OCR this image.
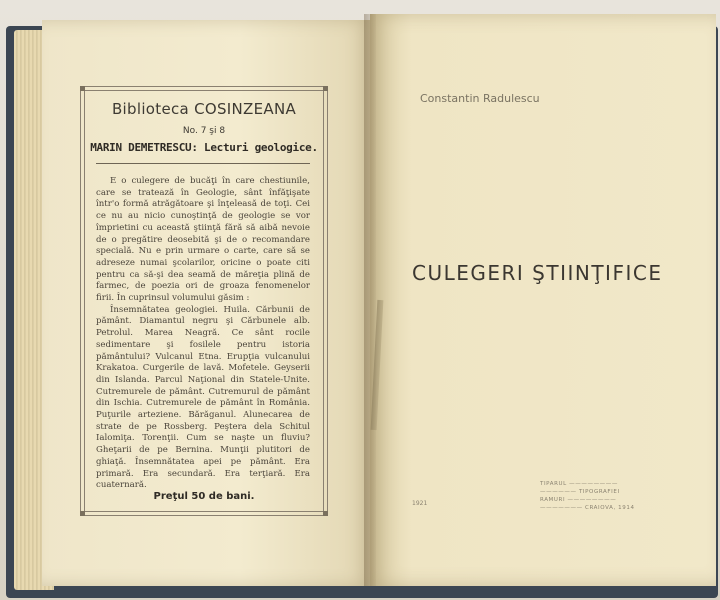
Biblioteca COSINZEANA
No. 7 şi 8
MARIN DEMETRESCU: Lecturi geologice.

E o culegere de bucăţi în care chestiunile, care se tratează în Geologie, sânt înfăţişate într'o formă atrăgătoare şi înţeleasă de toţi. Cei ce nu au nicio cunoştinţă de geologie se vor împrietini cu această ştiinţă fără să aibă nevoie de o pregătire deosebită şi de o recomandare specială. Nu e prin urmare o carte, care să se adreseze numai şcolarilor, oricine o poate citi pentru ca să-şi dea seamă de măreţia plină de farmec, de poezia ori de groaza fenomenelor firii. În cuprinsul volumului găsim :

Însemnătatea geologiei. Huila. Cărbunii de pământ. Diamantul negru şi Cărbunele alb. Petrolul. Marea Neagră. Ce sânt rocile sedimentare şi fosilele pentru istoria pământului? Vulcanul Etna. Erupţia vulcanului Krakatoa. Curgerile de lavă. Mofetele. Geyserii din Islanda. Parcul Naţional din Statele-Unite. Cutremurele de pământ. Cutremurul de pământ din Ischia. Cutremurele de pământ în România. Puţurile arteziene. Bărăganul. Alunecarea de strate de pe Rossberg. Peştera dela Schitul Ialomiţa. Torenţii. Cum se naşte un fluviu? Gheţarii de pe Bernina. Munţii plutitori de ghiaţă. Însemnătatea apei pe pământ. Era primară. Era secundară. Era terţiară. Era cuaternară.

Preţul 50 de bani.
Constantin Radulescu
CULEGERI ŞTIINŢIFICE
1921
TIPARUL ⁠—⁠—⁠—⁠—⁠—⁠—⁠—⁠—
—⁠—⁠—⁠—⁠—⁠— TIPOGRAFIEI
RAMURI ⁠—⁠—⁠—⁠—⁠—⁠—⁠—⁠—
—⁠—⁠—⁠—⁠—⁠—⁠— CRAIOVA, 1914
